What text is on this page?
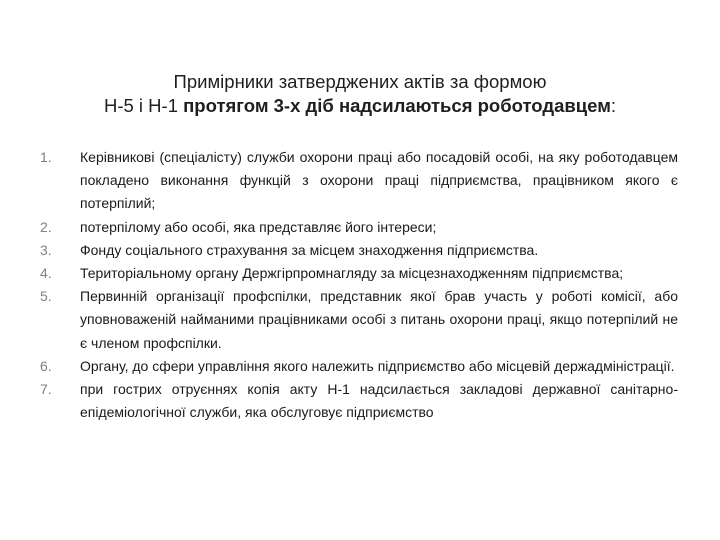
Примірники затверджених актів за формою
Н-5 і Н-1 протягом 3-х діб надсилаються роботодавцем:
1.	Керівникові (спеціалісту) служби охорони праці або посадовій особі, на яку роботодавцем покладено виконання функцій з охорони праці підприємства, працівником якого є потерпілий;
2.	потерпілому або особі, яка представляє його інтереси;
3.	Фонду соціального страхування за місцем знаходження підприємства.
4.	Територіальному органу Держгірпромнагляду за місцезнаходженням підприємства;
5.	Первинній організації профспілки, представник якої брав участь у роботі комісії, або уповноваженій найманими працівниками особі з питань охорони праці, якщо потерпілий не є членом профспілки.
6.	Органу, до сфери управління якого належить підприємство або місцевій держадміністрації.
7.	при гострих отруєннях копія акту Н-1 надсилається закладові державної санітарно-епідеміологічної служби, яка обслуговує підприємство
